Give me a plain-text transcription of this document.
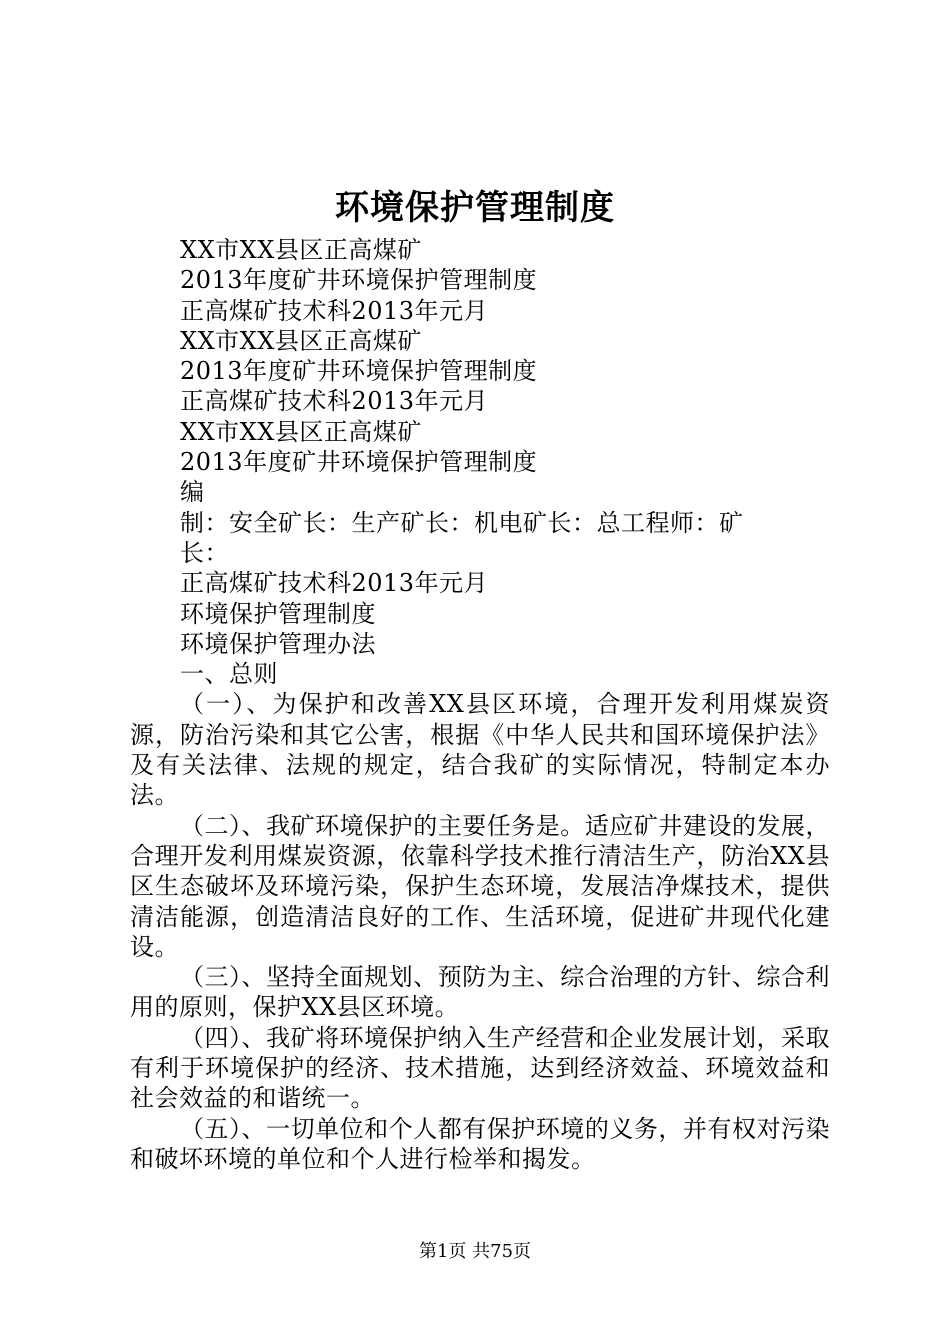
环境保护管理制度

XX市XX县区正高煤矿

2013年度矿井环境保护管理制度

正高煤矿技术科2013年元月

XX市XX县区正高煤矿

2013年度矿井环境保护管理制度

正高煤矿技术科2013年元月

XX市XX县区正高煤矿

2013年度矿井环境保护管理制度

编

制：安全矿长：生产矿长：机电矿长：总工程师：矿

长：

正高煤矿技术科2013年元月

环境保护管理制度

环境保护管理办法

一、总则

（一）、为保护和改善XX县区环境，合理开发利用煤炭资源，防治污染和其它公害，根据《中华人民共和国环境保护法》及有关法律、法规的规定，结合我矿的实际情况，特制定本办法。

（二）、我矿环境保护的主要任务是。适应矿井建设的发展，合理开发利用煤炭资源，依靠科学技术推行清洁生产，防治XX县区生态破坏及环境污染，保护生态环境，发展洁净煤技术，提供清洁能源，创造清洁良好的工作、生活环境，促进矿井现代化建设。

（三）、坚持全面规划、预防为主、综合治理的方针、综合利用的原则，保护XX县区环境。

（四）、我矿将环境保护纳入生产经营和企业发展计划，采取有利于环境保护的经济、技术措施，达到经济效益、环境效益和社会效益的和谐统一。

（五）、一切单位和个人都有保护环境的义务，并有权对污染和破坏环境的单位和个人进行检举和揭发。

第1页 共75页
